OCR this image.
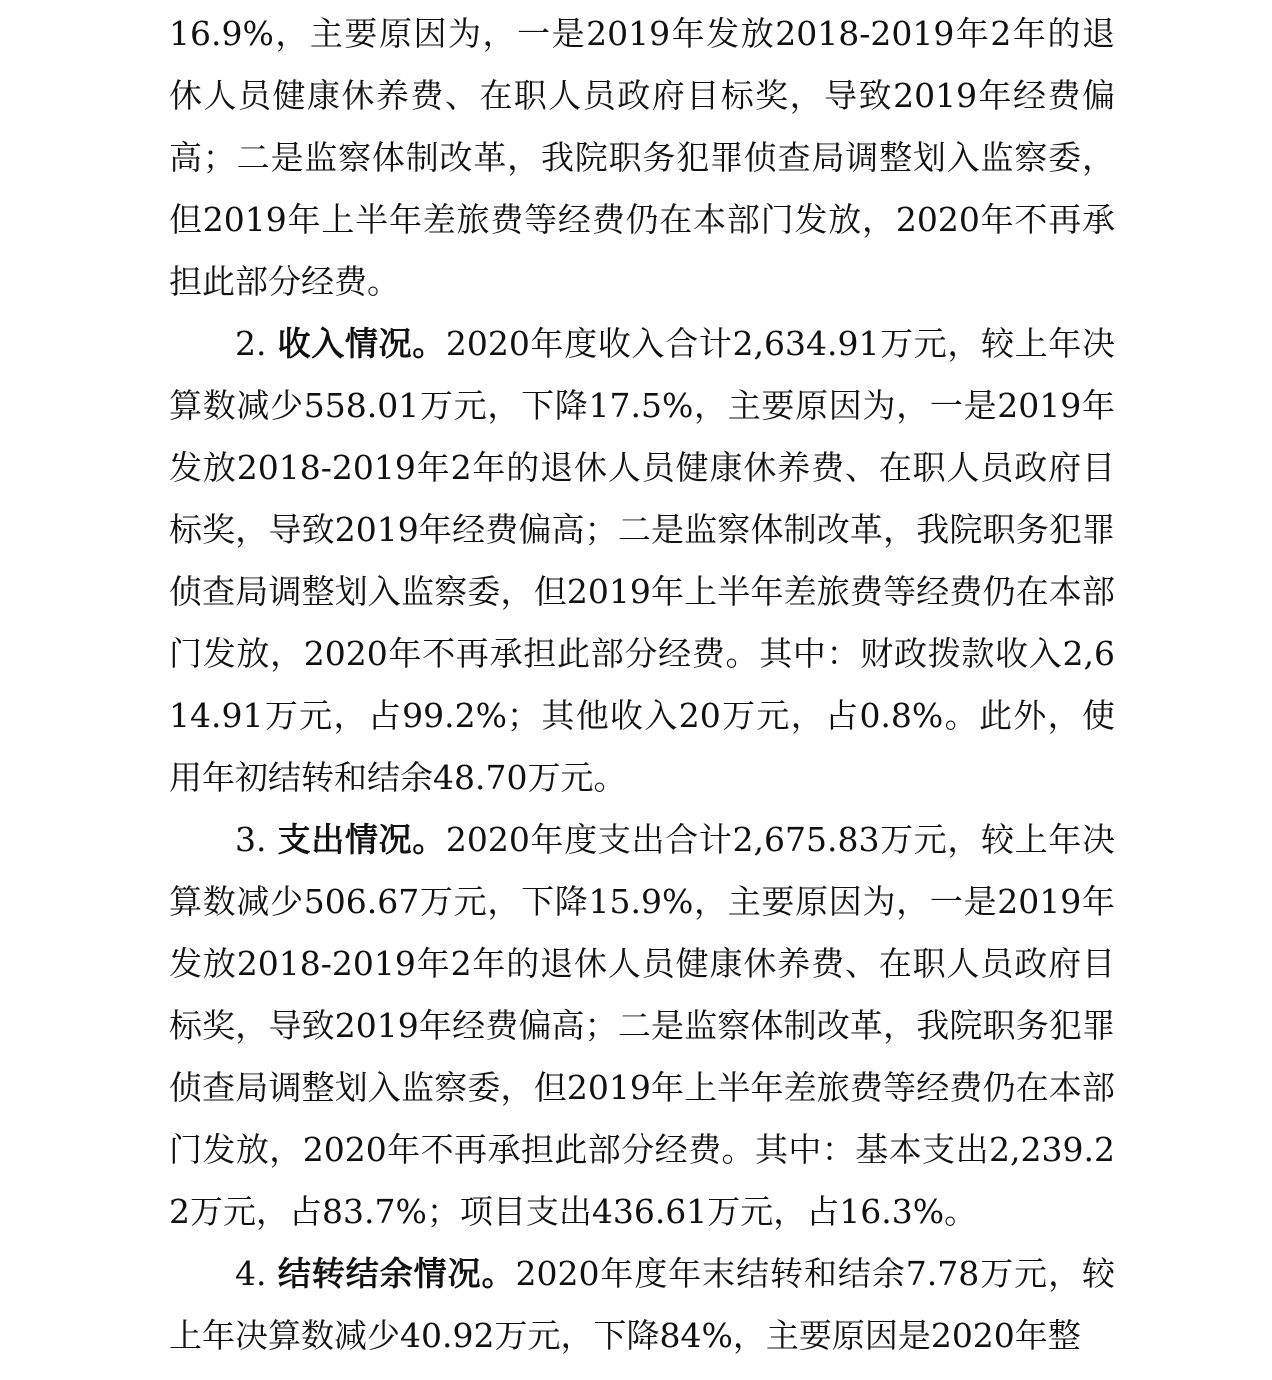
16.9%，主要原因为，一是2019年发放2018-2019年2年的退休人员健康休养费、在职人员政府目标奖，导致2019年经费偏高；二是监察体制改革，我院职务犯罪侦查局调整划入监察委，但2019年上半年差旅费等经费仍在本部门发放，2020年不再承担此部分经费。

2. 收入情况。2020年度收入合计2,634.91万元，较上年决算数减少558.01万元，下降17.5%，主要原因为，一是2019年发放2018-2019年2年的退休人员健康休养费、在职人员政府目标奖，导致2019年经费偏高；二是监察体制改革，我院职务犯罪侦查局调整划入监察委，但2019年上半年差旅费等经费仍在本部门发放，2020年不再承担此部分经费。其中：财政拨款收入2,614.91万元，占99.2%；其他收入20万元，占0.8%。此外，使用年初结转和结余48.70万元。

3. 支出情况。2020年度支出合计2,675.83万元，较上年决算数减少506.67万元，下降15.9%，主要原因为，一是2019年发放2018-2019年2年的退休人员健康休养费、在职人员政府目标奖，导致2019年经费偏高；二是监察体制改革，我院职务犯罪侦查局调整划入监察委，但2019年上半年差旅费等经费仍在本部门发放，2020年不再承担此部分经费。其中：基本支出2,239.22万元，占83.7%；项目支出436.61万元，占16.3%。

4. 结转结余情况。2020年度年末结转和结余7.78万元，较上年决算数减少40.92万元，下降84%，主要原因是2020年整
